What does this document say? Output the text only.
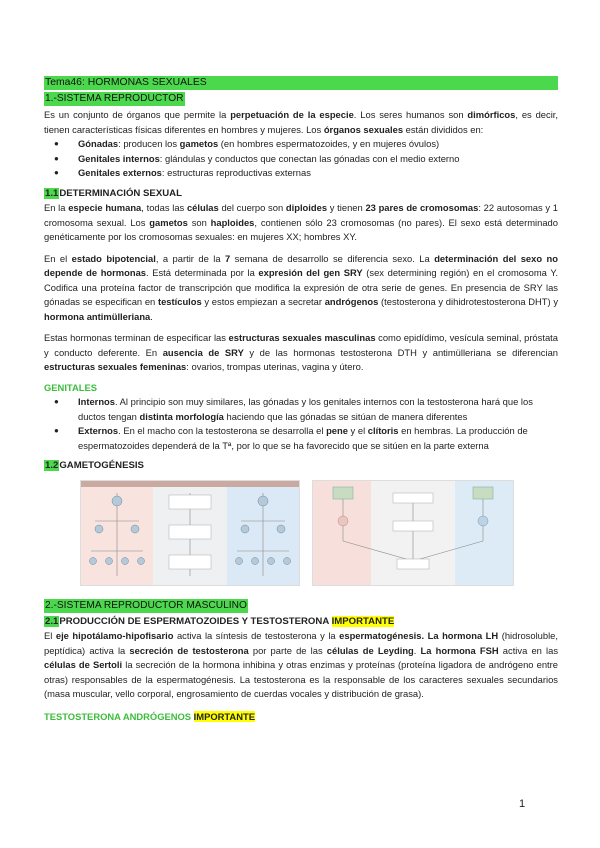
Tema46: HORMONAS SEXUALES
1.-SISTEMA REPRODUCTOR

Es un conjunto de órganos que permite la perpetuación de la especie. Los seres humanos son dimórficos, es decir, tienen características físicas diferentes en hombres y mujeres. Los órganos sexuales están divididos en:

● Gónadas: producen los gametos (en hombres espermatozoides, y en mujeres óvulos)
● Genitales internos: glándulas y conductos que conectan las gónadas con el medio externo
● Genitales externos: estructuras reproductivas externas
1.1DETERMINACIÓN SEXUAL

En la especie humana, todas las células del cuerpo son diploides y tienen 23 pares de cromosomas: 22 autosomas y 1 cromosoma sexual. Los gametos son haploides, contienen sólo 23 cromosomas (no pares). El sexo está determinado genéticamente por los cromosomas sexuales: en mujeres XX; hombres XY.

En el estado bipotencial, a partir de la 7 semana de desarrollo se diferencia sexo. La determinación del sexo no depende de hormonas. Está determinada por la expresión del gen SRY (sex determining región) en el cromosoma Y. Codifica una proteína factor de transcripción que modifica la expresión de otra serie de genes. En presencia de SRY las gónadas se especifican en testículos y estos empiezan a secretar andrógenos (testosterona y dihidrotestosterona DHT) y hormona antimülleriana.

Estas hormonas terminan de especificar las estructuras sexuales masculinas como epidídimo, vesícula seminal, próstata y conducto deferente. En ausencia de SRY y de las hormonas testosterona DTH y antimülleriana se diferencian estructuras sexuales femeninas: ovarios, trompas uterinas, vagina y útero.

GENITALES
● Internos. Al principio son muy similares, las gónadas y los genitales internos con la testosterona hará que los ductos tengan distinta morfología haciendo que las gónadas se sitúan de manera diferentes
● Externos. En el macho con la testosterona se desarrolla el pene y el clítoris en hembras. La producción de espermatozoides dependerá de la Tª, por lo que se ha favorecido que se sitúen en la parte externa
1.2GAMETOGÉNESIS
2.-SISTEMA REPRODUCTOR MASCULINO
2.1PRODUCCIÓN DE ESPERMATOZOIDES Y TESTOSTERONA IMPORTANTE

El eje hipotálamo-hipofisario activa la síntesis de testosterona y la espermatogénesis. La hormona LH (hidrosoluble, peptídica) activa la secreción de testosterona por parte de las células de Leyding. La hormona FSH activa en las células de Sertoli la secreción de la hormona inhibina y otras enzimas y proteínas (proteína ligadora de andrógeno entre otras) responsables de la espermatogénesis. La testosterona es la responsable de los caracteres sexuales secundarios (masa muscular, vello corporal, engrosamiento de cuerdas vocales y distribución de grasa).

TESTOSTERONA ANDRÓGENOS IMPORTANTE
1
